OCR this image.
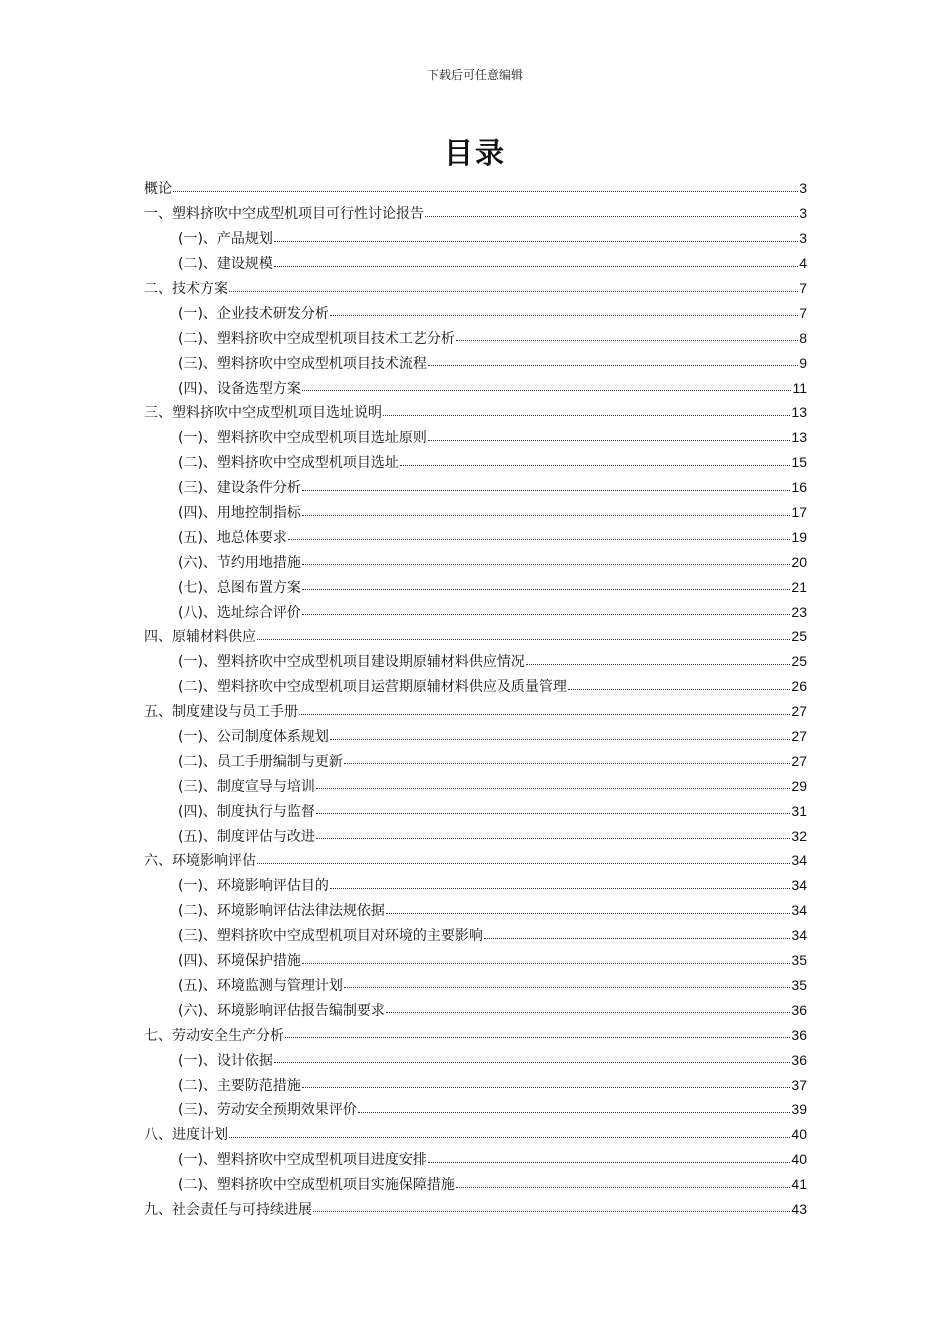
下载后可任意编辑
目录
概论	3
一、塑料挤吹中空成型机项目可行性讨论报告	3
(一)、产品规划	3
(二)、建设规模	4
二、技术方案	7
(一)、企业技术研发分析	7
(二)、塑料挤吹中空成型机项目技术工艺分析	8
(三)、塑料挤吹中空成型机项目技术流程	9
(四)、设备选型方案	11
三、塑料挤吹中空成型机项目选址说明	13
(一)、塑料挤吹中空成型机项目选址原则	13
(二)、塑料挤吹中空成型机项目选址	15
(三)、建设条件分析	16
(四)、用地控制指标	17
(五)、地总体要求	19
(六)、节约用地措施	20
(七)、总图布置方案	21
(八)、选址综合评价	23
四、原辅材料供应	25
(一)、塑料挤吹中空成型机项目建设期原辅材料供应情况	25
(二)、塑料挤吹中空成型机项目运营期原辅材料供应及质量管理	26
五、制度建设与员工手册	27
(一)、公司制度体系规划	27
(二)、员工手册编制与更新	27
(三)、制度宣导与培训	29
(四)、制度执行与监督	31
(五)、制度评估与改进	32
六、环境影响评估	34
(一)、环境影响评估目的	34
(二)、环境影响评估法律法规依据	34
(三)、塑料挤吹中空成型机项目对环境的主要影响	34
(四)、环境保护措施	35
(五)、环境监测与管理计划	35
(六)、环境影响评估报告编制要求	36
七、劳动安全生产分析	36
(一)、设计依据	36
(二)、主要防范措施	37
(三)、劳动安全预期效果评价	39
八、进度计划	40
(一)、塑料挤吹中空成型机项目进度安排	40
(二)、塑料挤吹中空成型机项目实施保障措施	41
九、社会责任与可持续进展	43
